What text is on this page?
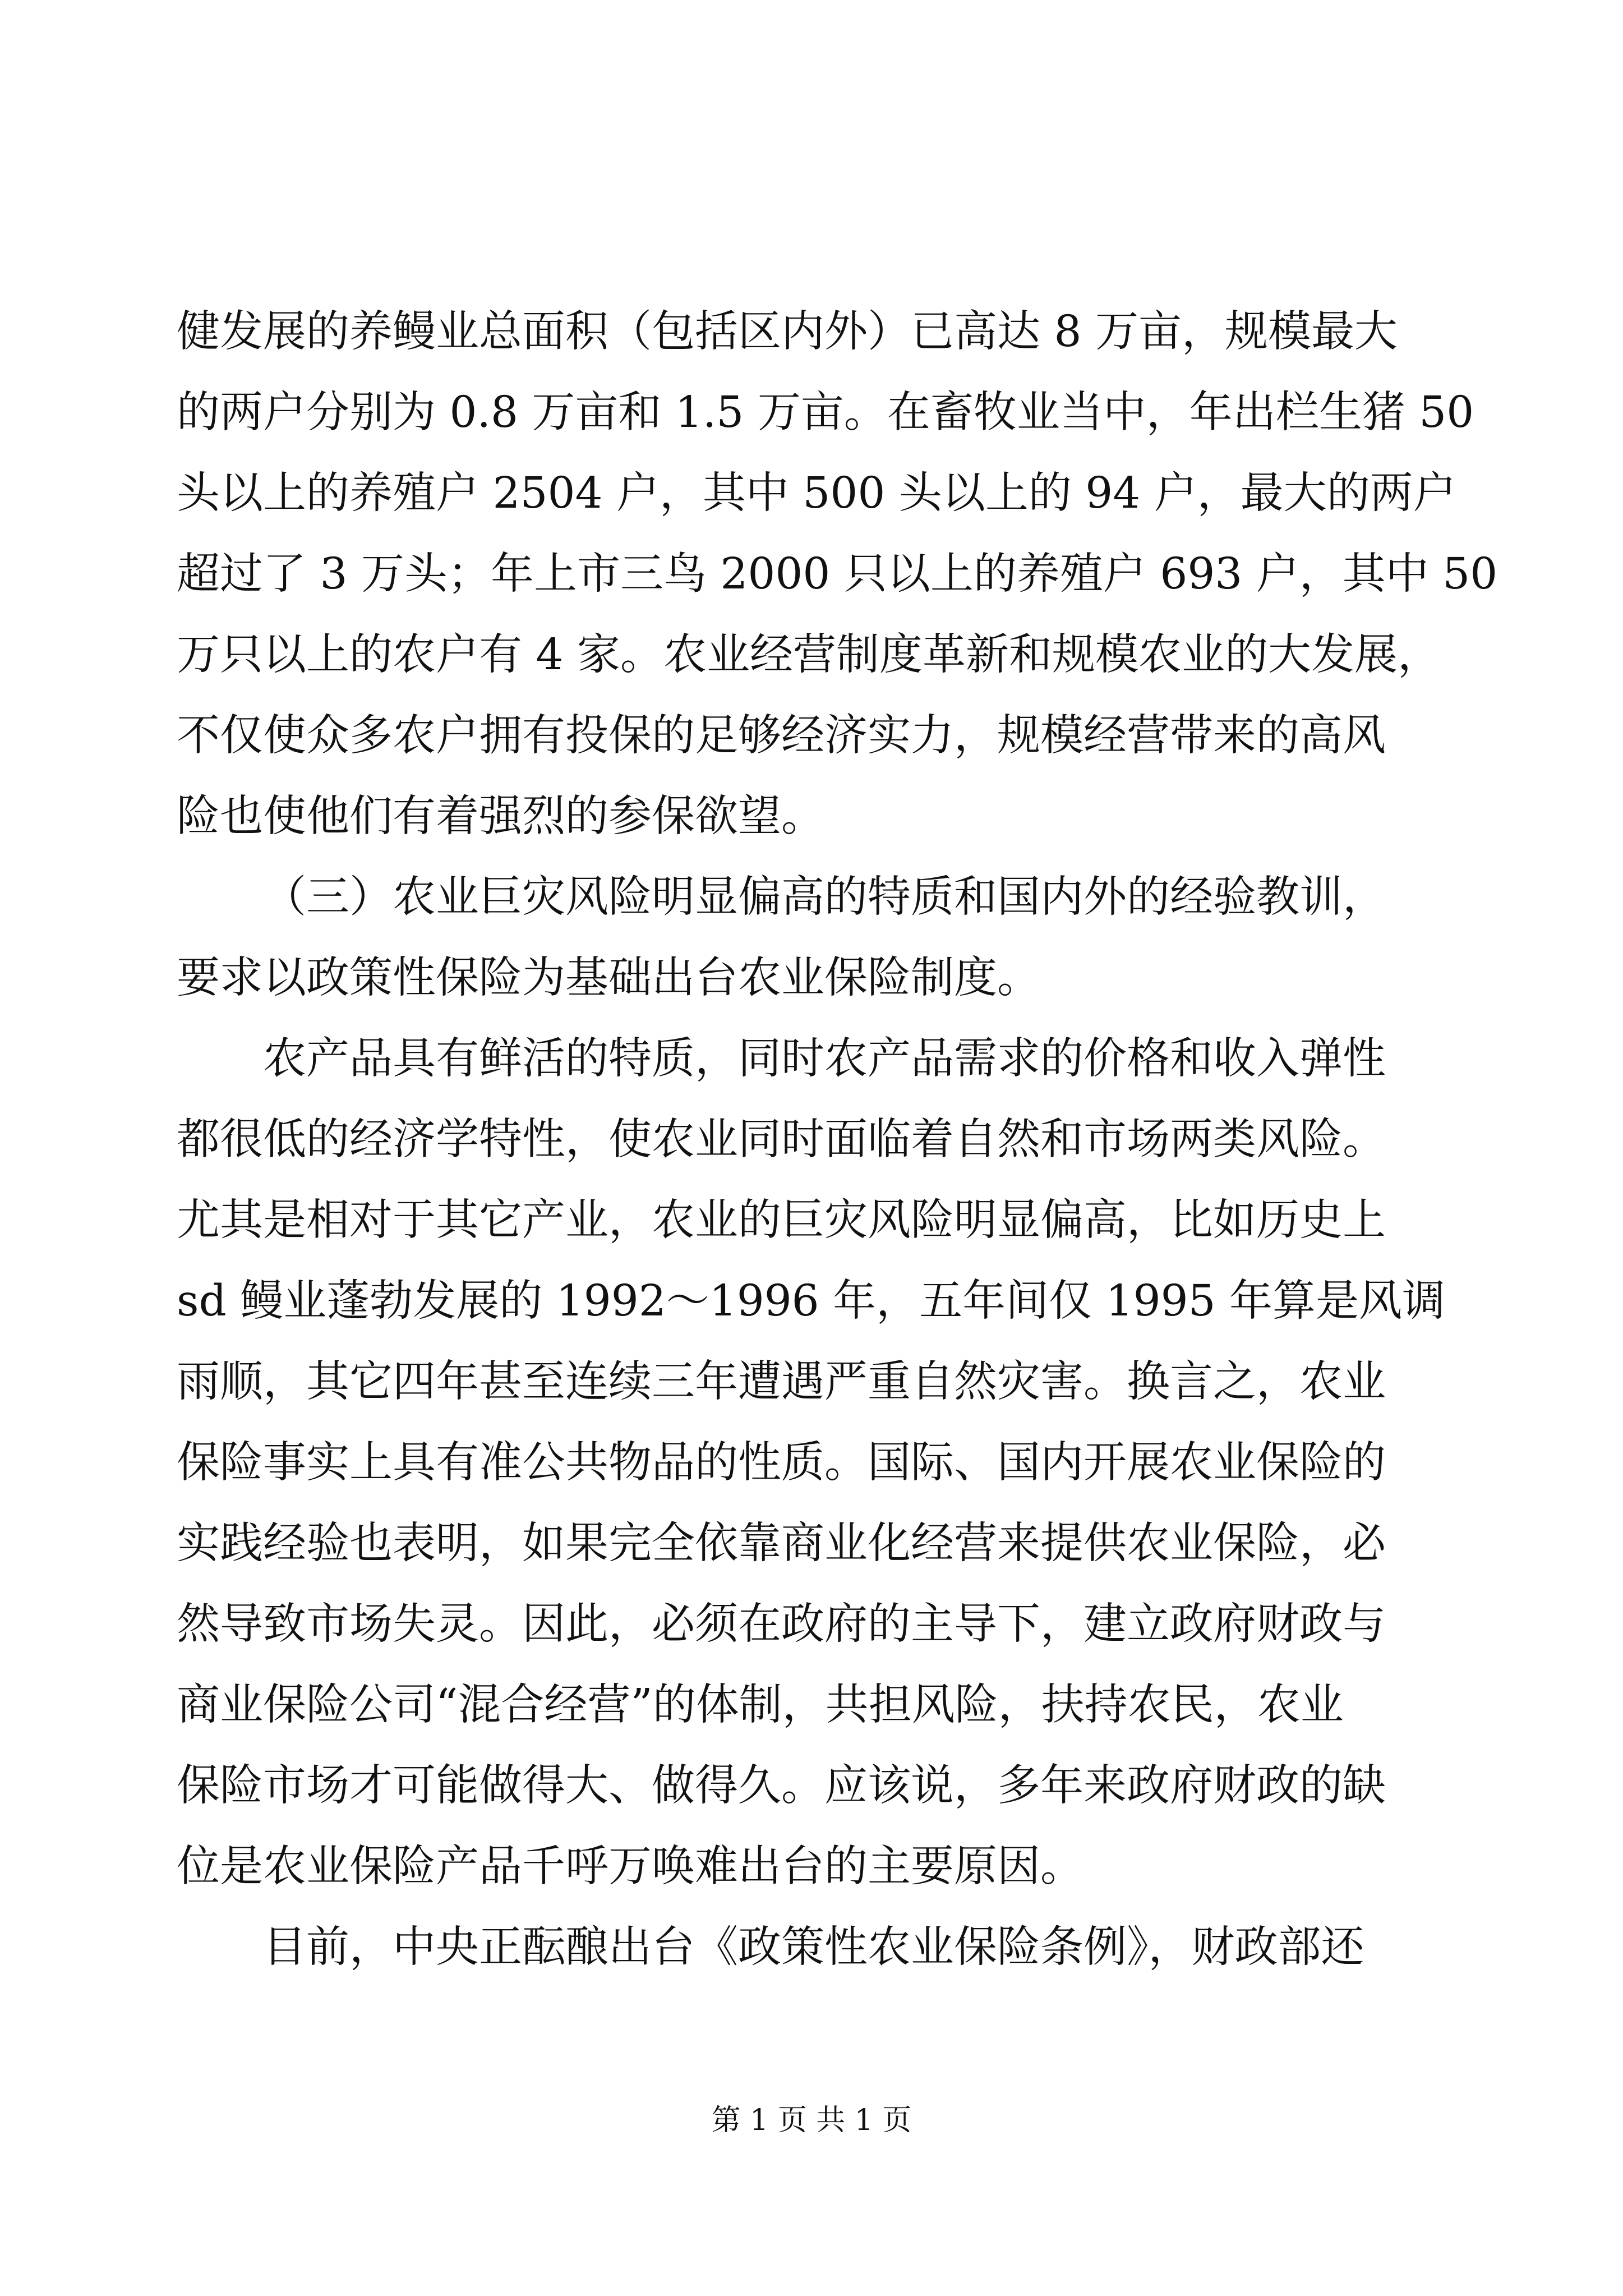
健发展的养鳗业总面积（包括区内外）已高达 8 万亩，规模最大
的两户分别为 0.8 万亩和 1.5 万亩。在畜牧业当中，年出栏生猪 50
头以上的养殖户 2504 户，其中 500 头以上的 94 户，最大的两户
超过了 3 万头；年上市三鸟 2000 只以上的养殖户 693 户，其中 50
万只以上的农户有 4 家。农业经营制度革新和规模农业的大发展，
不仅使众多农户拥有投保的足够经济实力，规模经营带来的高风
险也使他们有着强烈的参保欲望。
（三）农业巨灾风险明显偏高的特质和国内外的经验教训，
要求以政策性保险为基础出台农业保险制度。
农产品具有鲜活的特质，同时农产品需求的价格和收入弹性
都很低的经济学特性，使农业同时面临着自然和市场两类风险。
尤其是相对于其它产业，农业的巨灾风险明显偏高，比如历史上
sd 鳗业蓬勃发展的 1992～1996 年，五年间仅 1995 年算是风调
雨顺，其它四年甚至连续三年遭遇严重自然灾害。换言之，农业
保险事实上具有准公共物品的性质。国际、国内开展农业保险的
实践经验也表明，如果完全依靠商业化经营来提供农业保险，必
然导致市场失灵。因此，必须在政府的主导下，建立政府财政与
商业保险公司“混合经营”的体制，共担风险，扶持农民，农业
保险市场才可能做得大、做得久。应该说，多年来政府财政的缺
位是农业保险产品千呼万唤难出台的主要原因。
目前，中央正酝酿出台《政策性农业保险条例》，财政部还
第 1 页 共 1 页
